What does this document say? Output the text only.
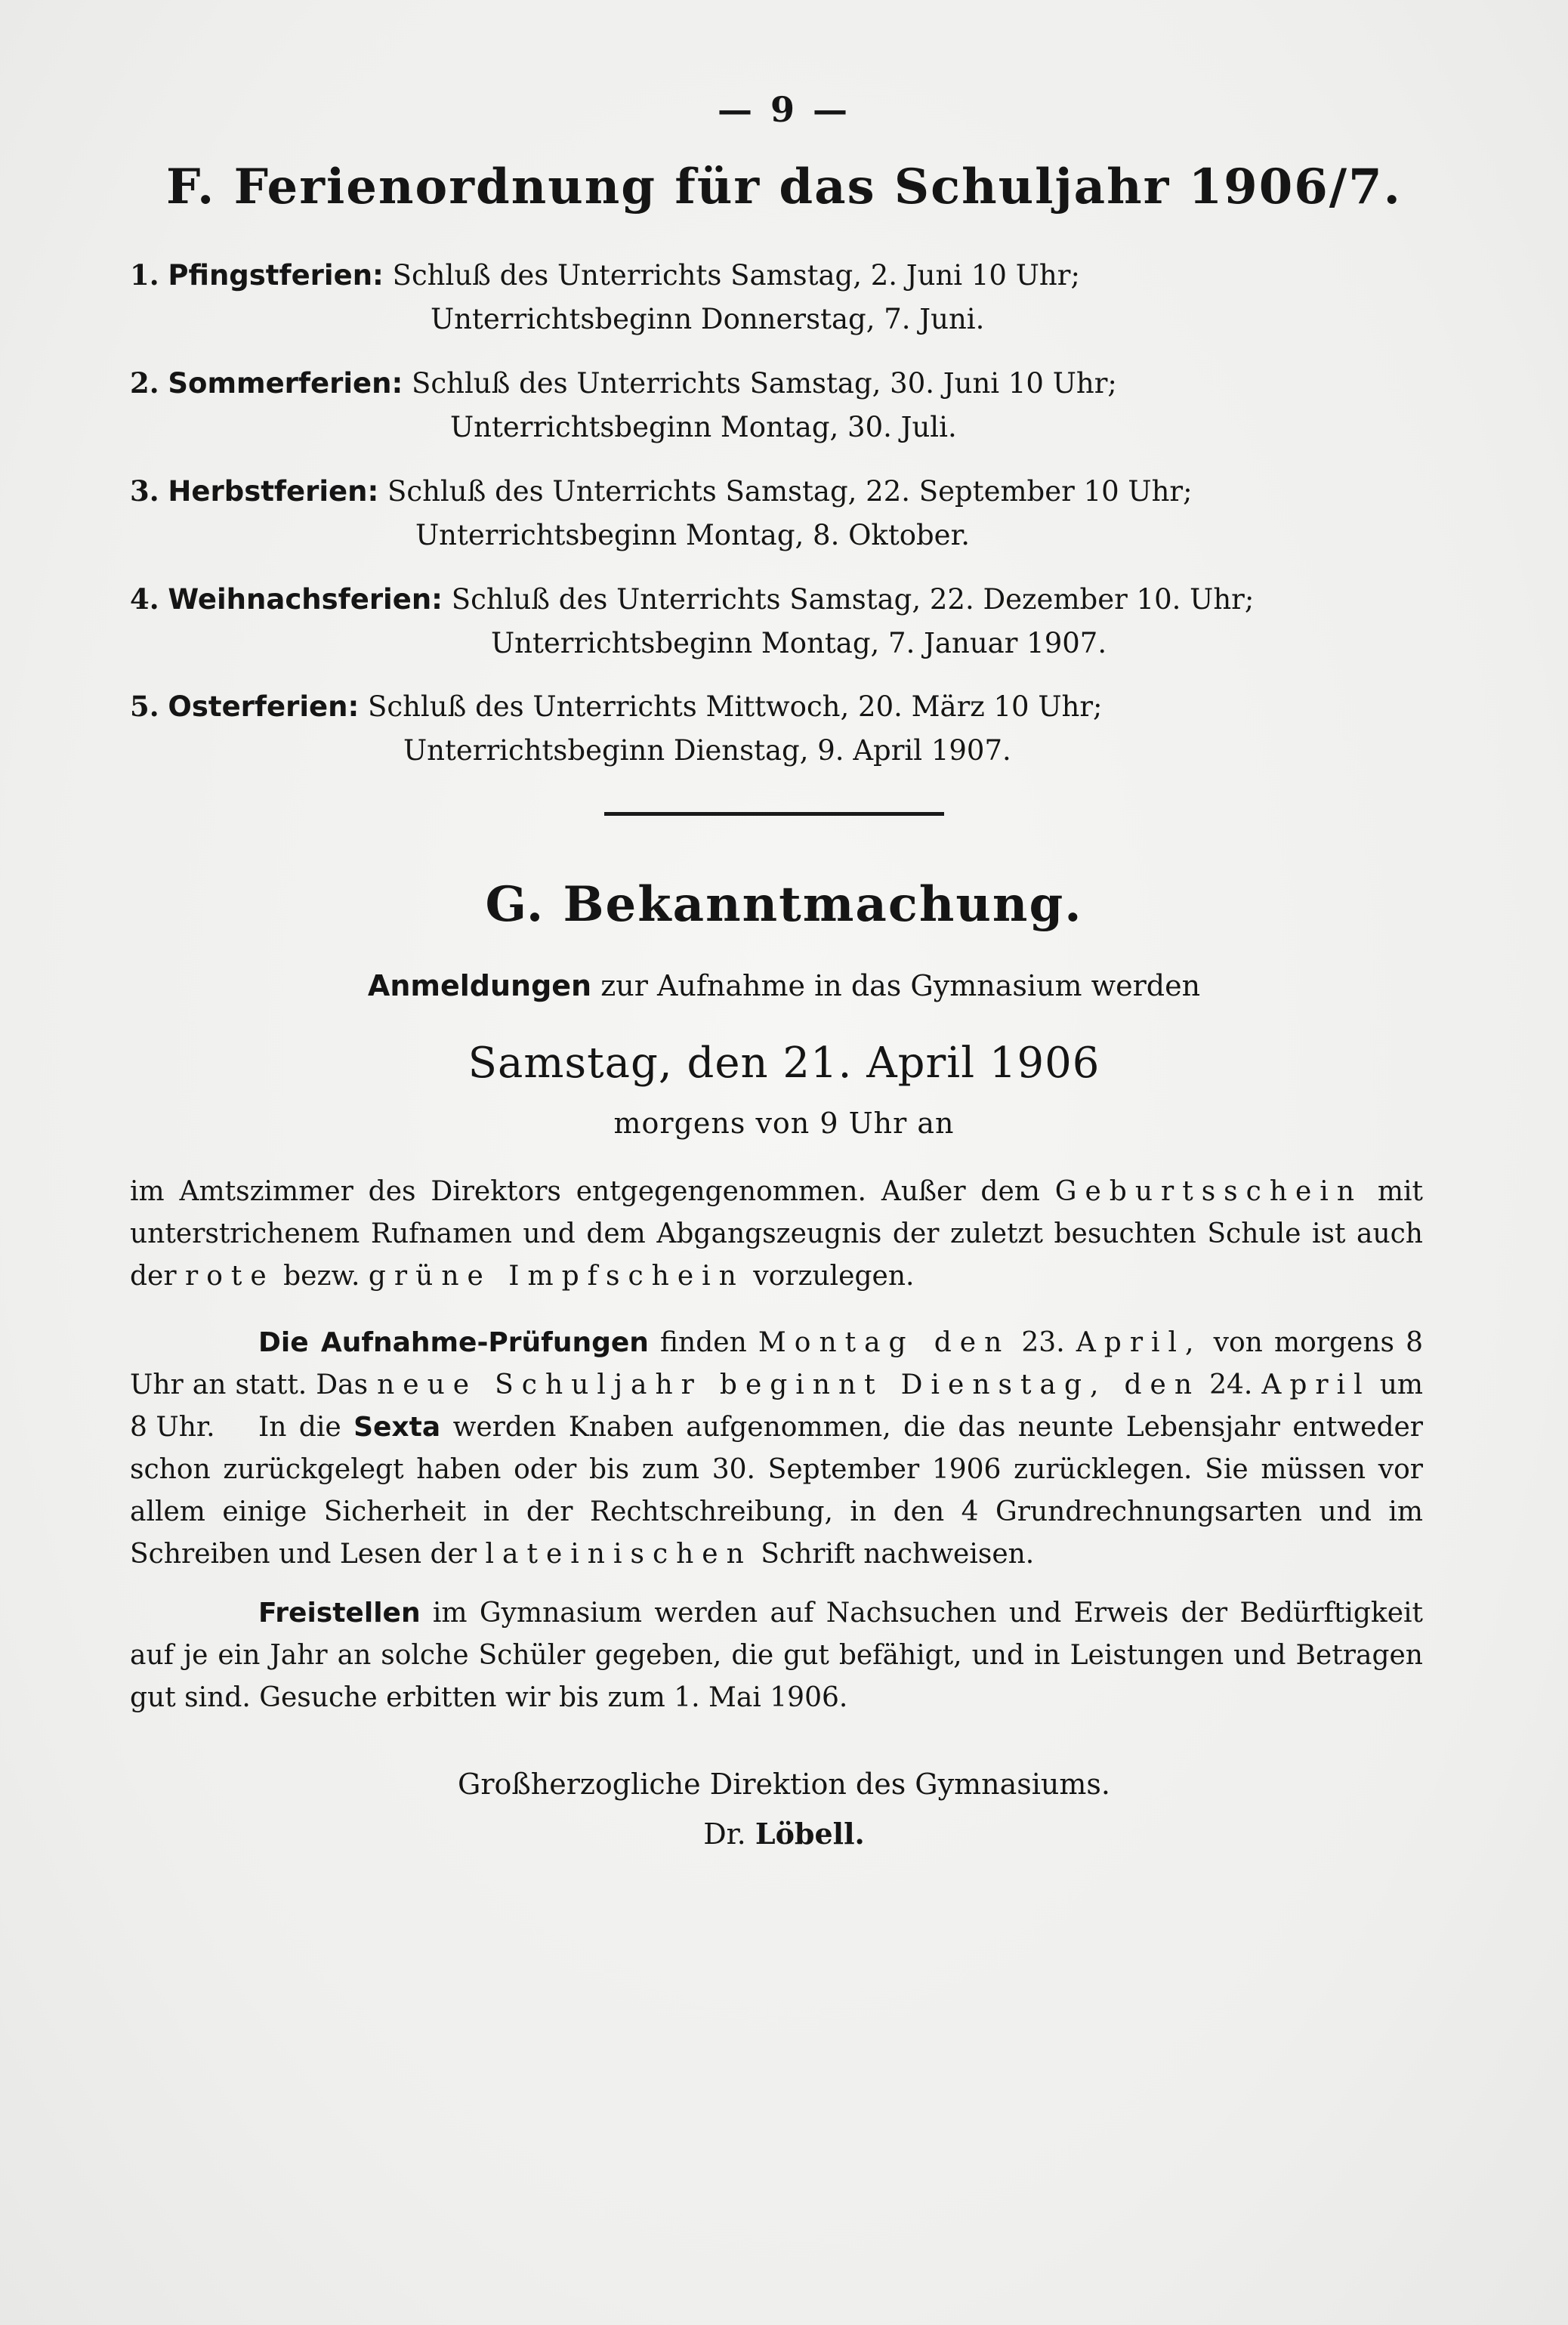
— 9 —
F. Ferienordnung für das Schuljahr 1906/7.
1. Pfingstferien: Schluß des Unterrichts Samstag, 2. Juni 10 Uhr;
Unterrichtsbeginn Donnerstag, 7. Juni.
2. Sommerferien: Schluß des Unterrichts Samstag, 30. Juni 10 Uhr;
Unterrichtsbeginn Montag, 30. Juli.
3. Herbstferien: Schluß des Unterrichts Samstag, 22. September 10 Uhr;
Unterrichtsbeginn Montag, 8. Oktober.
4. Weihnachsferien: Schluß des Unterrichts Samstag, 22. Dezember 10. Uhr;
Unterrichtsbeginn Montag, 7. Januar 1907.
5. Osterferien: Schluß des Unterrichts Mittwoch, 20. März 10 Uhr;
Unterrichtsbeginn Dienstag, 9. April 1907.
G. Bekanntmachung.
Anmeldungen zur Aufnahme in das Gymnasium werden
Samstag, den 21. April 1906
morgens von 9 Uhr an
im Amtszimmer des Direktors entgegengenommen. Außer dem Geburtsschein mit unterstrichenem Rufnamen und dem Abgangszeugnis der zuletzt besuchten Schule ist auch der rote bezw. grüne Impfschein vorzulegen.
Die Aufnahme-Prüfungen finden Montag den 23. April, von morgens 8 Uhr an statt. Das neue Schuljahr beginnt Dienstag, den 24. April um 8 Uhr.	In die Sexta werden Knaben aufgenommen, die das neunte Lebensjahr entweder schon zurückgelegt haben oder bis zum 30. September 1906 zurücklegen. Sie müssen vor allem einige Sicherheit in der Rechtschreibung, in den 4 Grundrechnungsarten und im Schreiben und Lesen der lateinischen Schrift nachweisen.
Freistellen im Gymnasium werden auf Nachsuchen und Erweis der Bedürftigkeit auf je ein Jahr an solche Schüler gegeben, die gut befähigt, und in Leistungen und Betragen gut sind. Gesuche erbitten wir bis zum 1. Mai 1906.
Großherzogliche Direktion des Gymnasiums.
Dr. Löbell.
